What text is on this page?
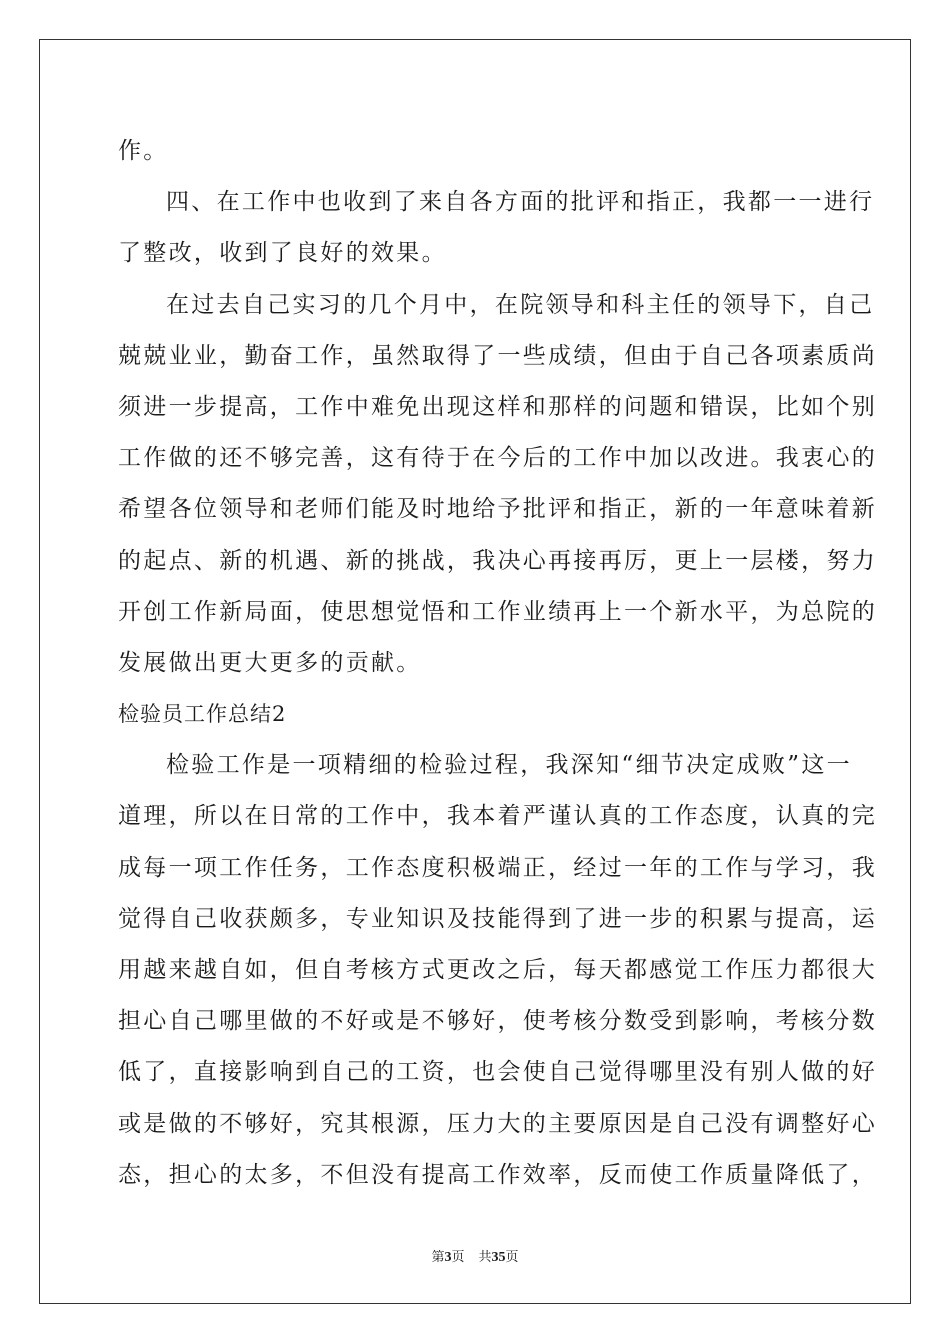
作。
四、在工作中也收到了来自各方面的批评和指正，我都一一进行
了整改，收到了良好的效果。
在过去自己实习的几个月中，在院领导和科主任的领导下，自己
兢兢业业，勤奋工作，虽然取得了一些成绩，但由于自己各项素质尚
须进一步提高，工作中难免出现这样和那样的问题和错误，比如个别
工作做的还不够完善，这有待于在今后的工作中加以改进。我衷心的
希望各位领导和老师们能及时地给予批评和指正，新的一年意味着新
的起点、新的机遇、新的挑战，我决心再接再厉，更上一层楼，努力
开创工作新局面，使思想觉悟和工作业绩再上一个新水平，为总院的
发展做出更大更多的贡献。
检验员工作总结2
检验工作是一项精细的检验过程，我深知“细节决定成败”这一
道理，所以在日常的工作中，我本着严谨认真的工作态度，认真的完
成每一项工作任务，工作态度积极端正，经过一年的工作与学习，我
觉得自己收获颇多，专业知识及技能得到了进一步的积累与提高，运
用越来越自如，但自考核方式更改之后，每天都感觉工作压力都很大
担心自己哪里做的不好或是不够好，使考核分数受到影响，考核分数
低了，直接影响到自己的工资，也会使自己觉得哪里没有别人做的好
或是做的不够好，究其根源，压力大的主要原因是自己没有调整好心
态，担心的太多，不但没有提高工作效率，反而使工作质量降低了，
第3页 共35页
